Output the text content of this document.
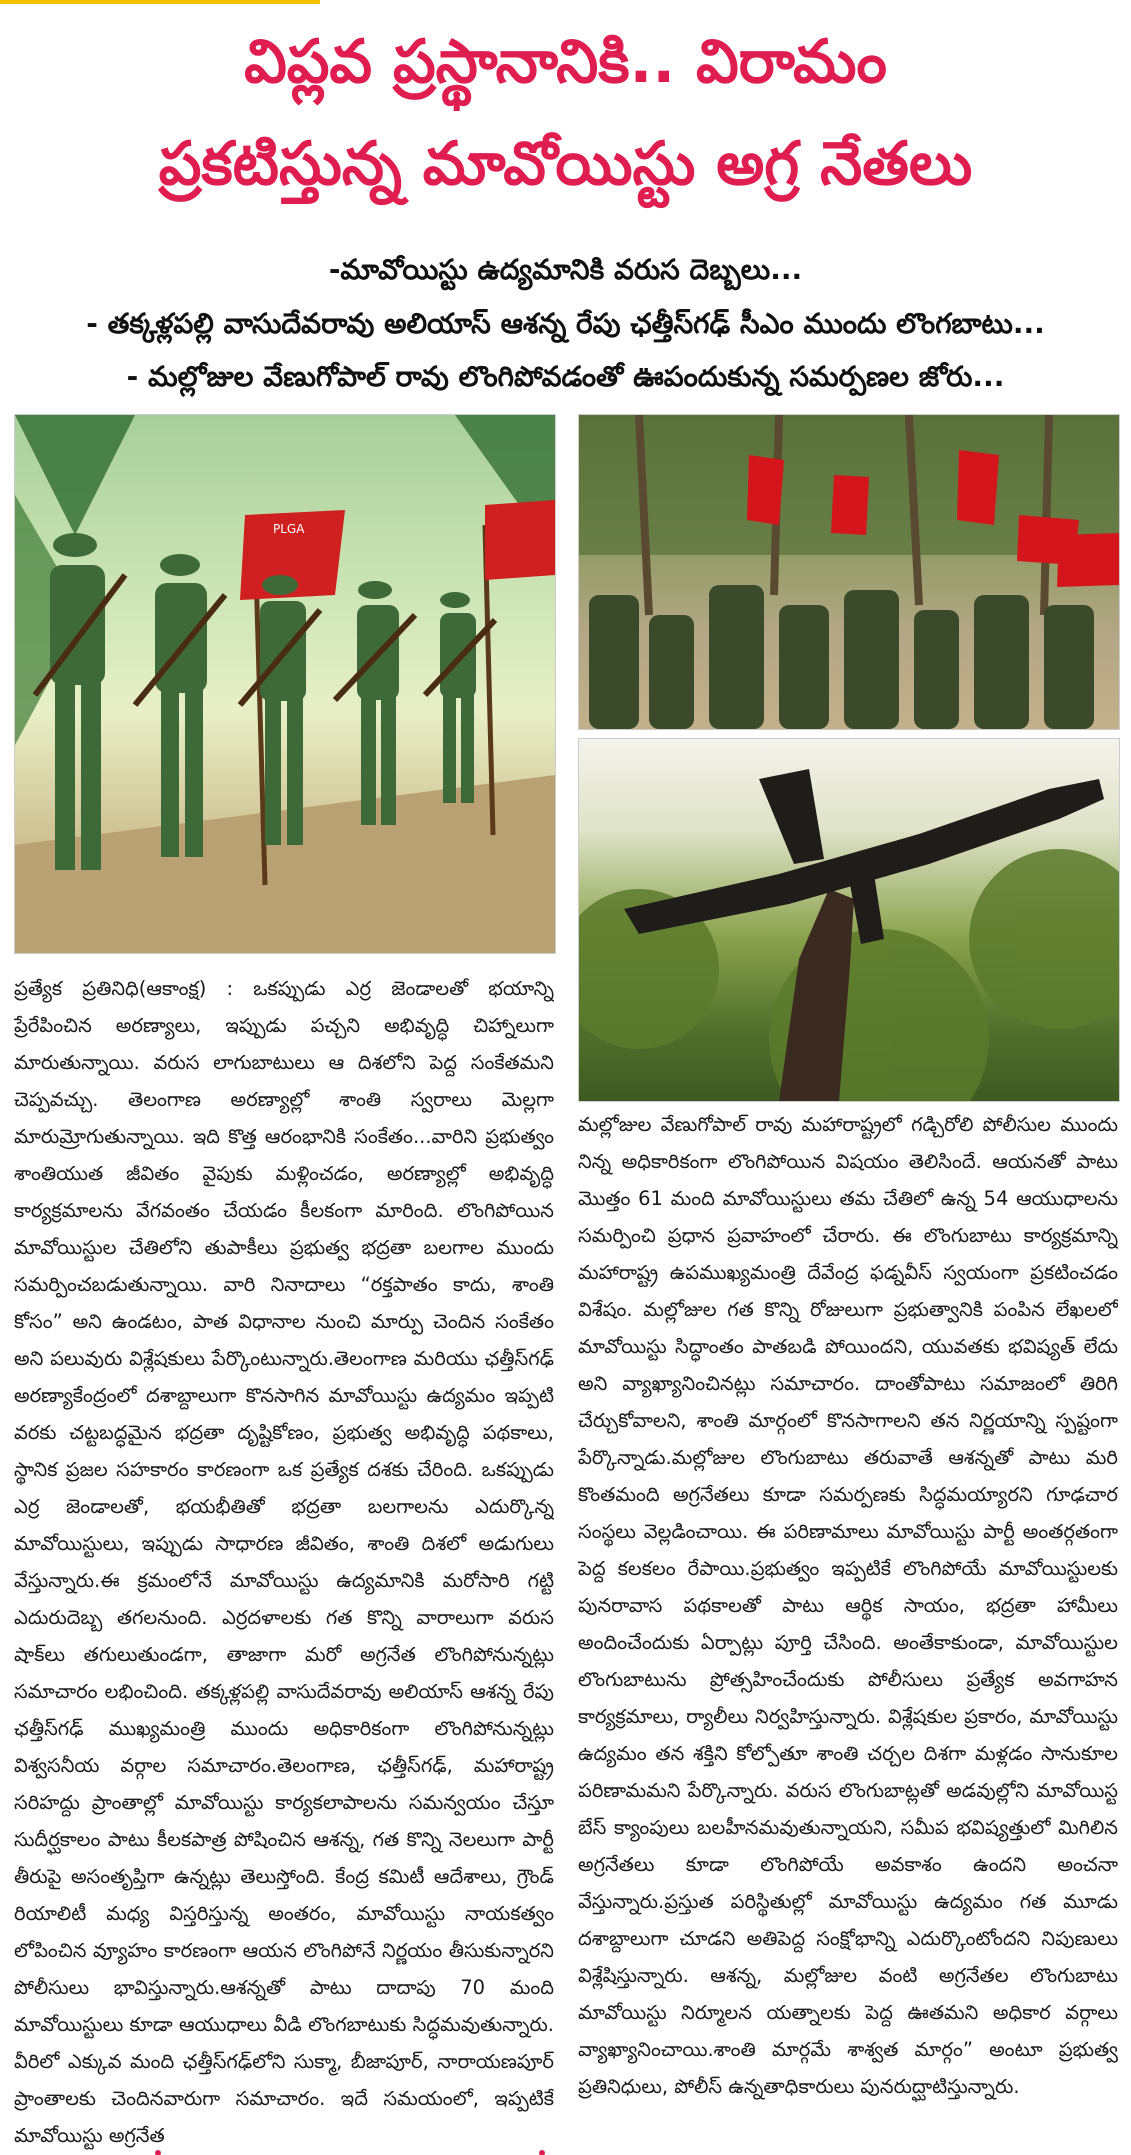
విప్లవ ప్రస్థానానికి.. విరామం
ప్రకటిస్తున్న మావోయిస్టు అగ్ర నేతలు
-మావోయిస్టు ఉద్యమానికి వరుస దెబ్బలు...
- తక్కళ్లపల్లి వాసుదేవరావు అలియాస్ ఆశన్న రేపు ఛత్తీస్‌గఢ్ సీఎం ముందు లొంగబాటు...
- మల్లోజుల వేణుగోపాల్ రావు లొంగిపోవడంతో ఊపందుకున్న సమర్పణల జోరు...
PLGA
ప్రత్యేక ప్రతినిధి(ఆకాంక్ష) : ఒకప్పుడు ఎర్ర జెండాలతో భయాన్ని ప్రేరేపించిన అరణ్యాలు, ఇప్పుడు పచ్చని అభివృద్ధి చిహ్నాలుగా మారుతున్నాయి. వరుస లాగుబాటులు ఆ దిశలోని పెద్ద సంకేతమని చెప్పవచ్చు. తెలంగాణ అరణ్యాల్లో శాంతి స్వరాలు మెల్లగా మారుమ్రోగుతున్నాయి. ఇది కొత్త ఆరంభానికి సంకేతం...వారిని ప్రభుత్వం శాంతియుత జీవితం వైపుకు మళ్లించడం, అరణ్యాల్లో అభివృద్ధి కార్యక్రమాలను వేగవంతం చేయడం కీలకంగా మారింది. లొంగిపోయిన మావోయిస్టుల చేతిలోని తుపాకీలు ప్రభుత్వ భద్రతా బలగాల ముందు సమర్పించబడుతున్నాయి. వారి నినాదాలు “రక్తపాతం కాదు, శాంతి కోసం” అని ఉండటం, పాత విధానాల నుంచి మార్పు చెందిన సంకేతం అని పలువురు విశ్లేషకులు పేర్కొంటున్నారు.తెలంగాణ మరియు ఛత్తీస్‌గఢ్ అరణ్యాకేంద్రంలో దశాబ్దాలుగా కొనసాగిన మావోయిస్టు ఉద్యమం ఇప్పటి వరకు చట్టబద్ధమైన భద్రతా దృష్టికోణం, ప్రభుత్వ అభివృద్ధి పథకాలు, స్థానిక ప్రజల సహకారం కారణంగా ఒక ప్రత్యేక దశకు చేరింది. ఒకప్పుడు ఎర్ర జెండాలతో, భయభీతితో భద్రతా బలగాలను ఎదుర్కొన్న మావోయిస్టులు, ఇప్పుడు సాధారణ జీవితం, శాంతి దిశలో అడుగులు వేస్తున్నారు.ఈ క్రమంలోనే మావోయిస్టు ఉద్యమానికి మరోసారి గట్టి ఎదురుదెబ్బ తగలనుంది. ఎర్రదళాలకు గత కొన్ని వారాలుగా వరుస షాక్‌లు తగులుతుండగా, తాజాగా మరో అగ్రనేత లొంగిపోనున్నట్లు సమాచారం లభించింది. తక్కళ్లపల్లి వాసుదేవరావు అలియాస్ ఆశన్న రేపు ఛత్తీస్‌గఢ్ ముఖ్యమంత్రి ముందు అధికారికంగా లొంగిపోనున్నట్లు విశ్వసనీయ వర్గాల సమాచారం.తెలంగాణ, ఛత్తీస్‌గఢ్, మహారాష్ట్ర సరిహద్దు ప్రాంతాల్లో మావోయిస్టు కార్యకలాపాలను సమన్వయం చేస్తూ సుదీర్ఘకాలం పాటు కీలకపాత్ర పోషించిన ఆశన్న, గత కొన్ని నెలలుగా పార్టీ తీరుపై అసంతృప్తిగా ఉన్నట్లు తెలుస్తోంది. కేంద్ర కమిటీ ఆదేశాలు, గ్రౌండ్ రియాలిటీ మధ్య విస్తరిస్తున్న అంతరం, మావోయిస్టు నాయకత్వం లోపించిన వ్యూహం కారణంగా ఆయన లొంగిపోనే నిర్ణయం తీసుకున్నారని పోలీసులు భావిస్తున్నారు.ఆశన్నతో పాటు దాదాపు 70 మంది మావోయిస్టులు కూడా ఆయుధాలు వీడి లొంగబాటుకు సిద్ధమవుతున్నారు. వీరిలో ఎక్కువ మంది ఛత్తీస్‌గఢ్‌లోని సుక్మా, బీజాపూర్, నారాయణపూర్ ప్రాంతాలకు చెందినవారుగా సమాచారం. ఇదే సమయంలో, ఇప్పటికే మావోయిస్టు అగ్రనేత
మల్లోజుల వేణుగోపాల్ రావు మహారాష్ట్రలో గడ్చిరోలి పోలీసుల ముందు నిన్న అధికారికంగా లొంగిపోయిన విషయం తెలిసిందే. ఆయనతో పాటు మొత్తం 61 మంది మావోయిస్టులు తమ చేతిలో ఉన్న 54 ఆయుధాలను సమర్పించి ప్రధాన ప్రవాహంలో చేరారు. ఈ లొంగుబాటు కార్యక్రమాన్ని మహారాష్ట్ర ఉపముఖ్యమంత్రి దేవేంద్ర ఫడ్నవీస్ స్వయంగా ప్రకటించడం విశేషం. మల్లోజుల గత కొన్ని రోజులుగా ప్రభుత్వానికి పంపిన లేఖలలో మావోయిస్టు సిద్ధాంతం పాతబడి పోయిందని, యువతకు భవిష్యత్ లేదు అని వ్యాఖ్యానించినట్లు సమాచారం. దాంతోపాటు సమాజంలో తిరిగి చేర్చుకోవాలని, శాంతి మార్గంలో కొనసాగాలని తన నిర్ణయాన్ని స్పష్టంగా పేర్కొన్నాడు.మల్లోజుల లొంగుబాటు తరువాతే ఆశన్నతో పాటు మరి కొంతమంది అగ్రనేతలు కూడా సమర్పణకు సిద్ధమయ్యారని గూఢచార సంస్థలు వెల్లడించాయి. ఈ పరిణామాలు మావోయిస్టు పార్టీ అంతర్గతంగా పెద్ద కలకలం రేపాయి.ప్రభుత్వం ఇప్పటికే లొంగిపోయే మావోయిస్టులకు పునరావాస పథకాలతో పాటు ఆర్థిక సాయం, భద్రతా హామీలు అందించేందుకు ఏర్పాట్లు పూర్తి చేసింది. అంతేకాకుండా, మావోయిస్టుల లొంగుబాటును ప్రోత్సహించేందుకు పోలీసులు ప్రత్యేక అవగాహన కార్యక్రమాలు, ర్యాలీలు నిర్వహిస్తున్నారు. విశ్లేషకుల ప్రకారం, మావోయిస్టు ఉద్యమం తన శక్తిని కోల్పోతూ శాంతి చర్చల దిశగా మళ్లడం సానుకూల పరిణామమని పేర్కొన్నారు. వరుస లొంగుబాట్లతో అడవుల్లోని మావోయిస్ట బేస్ క్యాంపులు బలహీనమవుతున్నాయని, సమీప భవిష్యత్తులో మిగిలిన అగ్రనేతలు కూడా లొంగిపోయే అవకాశం ఉందని అంచనా వేస్తున్నారు.ప్రస్తుత పరిస్థితుల్లో మావోయిస్టు ఉద్యమం గత మూడు దశాబ్దాలుగా చూడని అతిపెద్ద సంక్షోభాన్ని ఎదుర్కొంటోందని నిపుణులు విశ్లేషిస్తున్నారు. ఆశన్న, మల్లోజుల వంటి అగ్రనేతల లొంగుబాటు మావోయిస్టు నిర్మూలన యత్నాలకు పెద్ద ఊతమని అధికార వర్గాలు వ్యాఖ్యానించాయి.శాంతి మార్గమే శాశ్వత మార్గం” అంటూ ప్రభుత్వ ప్రతినిధులు, పోలీస్ ఉన్నతాధికారులు పునరుద్ఘాటిస్తున్నారు.
